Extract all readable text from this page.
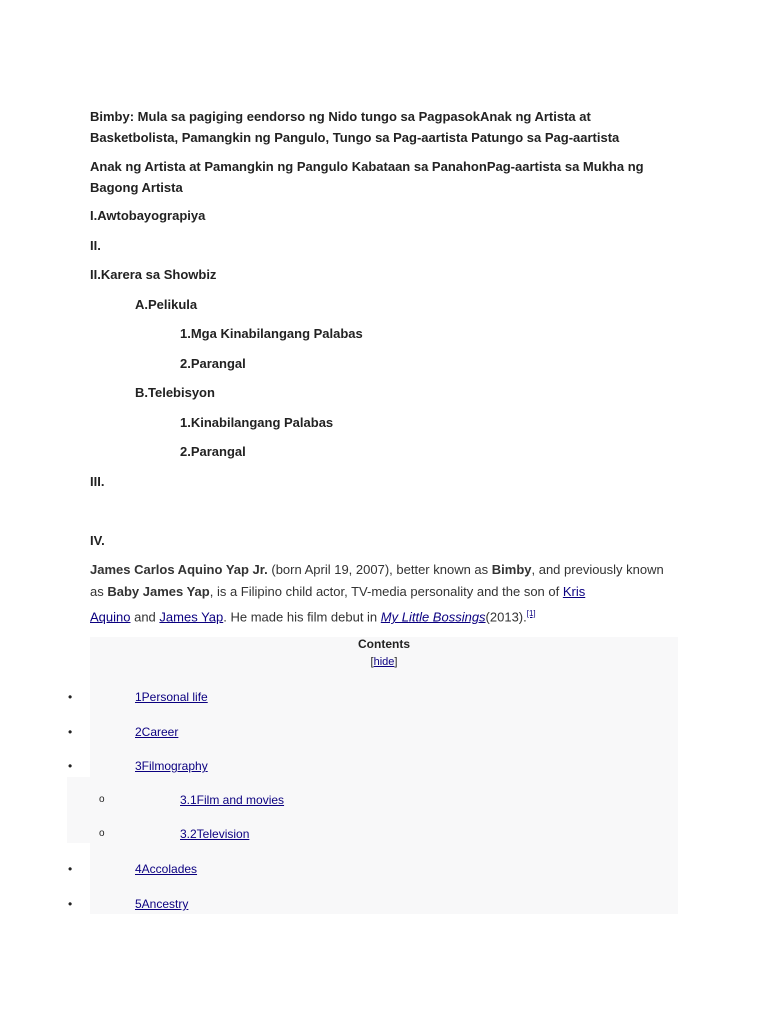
Bimby: Mula sa pagiging eendorso ng Nido tungo sa PagpasokAnak ng Artista at
Basketbolista, Pamangkin ng Pangulo, Tungo sa Pag-aartista Patungo sa Pag-aartista
Anak ng Artista at Pamangkin ng Pangulo Kabataan sa PanahonPag-aartista sa Mukha ng
Bagong Artista
I.Awtobayograpiya
II.
II.Karera sa Showbiz
A.Pelikula
1.Mga Kinabilangang Palabas
2.Parangal
B.Telebisyon
1.Kinabilangang Palabas
2.Parangal
III.
IV.
James Carlos Aquino Yap Jr. (born April 19, 2007), better known as Bimby, and previously known
as Baby James Yap, is a Filipino child actor, TV-media personality and the son of Kris
Aquino and James Yap. He made his film debut in My Little Bossings(2013).[1]
Contents
[hide]
•	1Personal life
•	2Career
•	3Filmography
o	3.1Film and movies
o	3.2Television
•	4Accolades
•	5Ancestry
